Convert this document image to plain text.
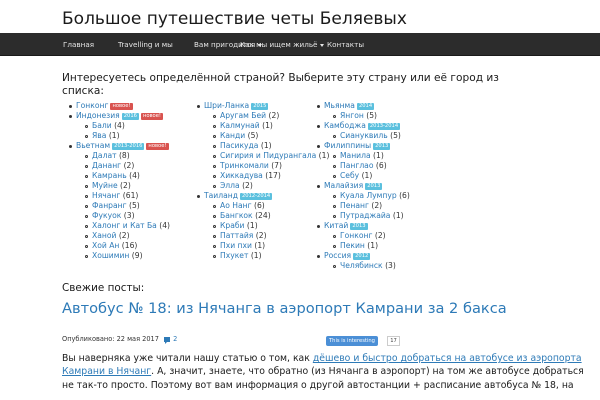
Большое путешествие четы Беляевых
Главная	Travelling и мы	Вам пригодится
Как мы ищем жильё	Контакты
Интересуетесь определённой страной? Выберите эту страну или её город из списка:
Гонконг новое!
Индонезия 2016 новое!
Бали (4)
Ява (1)
Вьетнам 2013-2016 новое!
Далат (8)
Дананг (2)
Камрань (4)
Муйне (2)
Нячанг (61)
Фанранг (5)
Фукуок (3)
Халонг и Кат Ба (4)
Ханой (2)
Хой Ан (16)
Хошимин (9)
Шри-Ланка 2015
Аругам Бей (2)
Калмунай (1)
Канди (5)
Пасикуда (1)
Сигирия и Пидурангала (1)
Тринкомали (7)
Хиккадува (17)
Элла (2)
Таиланд 2012-2014
Ао Нанг (6)
Бангкок (24)
Краби (1)
Паттайя (2)
Пхи пхи (1)
Пхукет (1)
Мьянма 2014
Янгон (5)
Камбоджа 2013-2014
Сиануквиль (5)
Филиппины 2013
Манила (1)
Панглао (6)
Себу (1)
Малайзия 2013
Куала Лумпур (6)
Пенанг (2)
Путраджайа (1)
Китай 2013
Гонконг (2)
Пекин (1)
Россия 2012
Челябинск (3)
Свежие посты:
Автобус № 18: из Нячанга в аэропорт Камрани за 2 бакса
Опубликовано: 22 мая 2017 2	This is interesting	17
Вы наверняка уже читали нашу статью о том, как дёшево и быстро добраться на автобусе из аэропорта Камрани в Нячанг. А, значит, знаете, что обратно (из Нячанга в аэропорт) на том же автобусе добраться не так-то просто. Поэтому вот вам информация о другой автостанции + расписание автобуса № 18, на
